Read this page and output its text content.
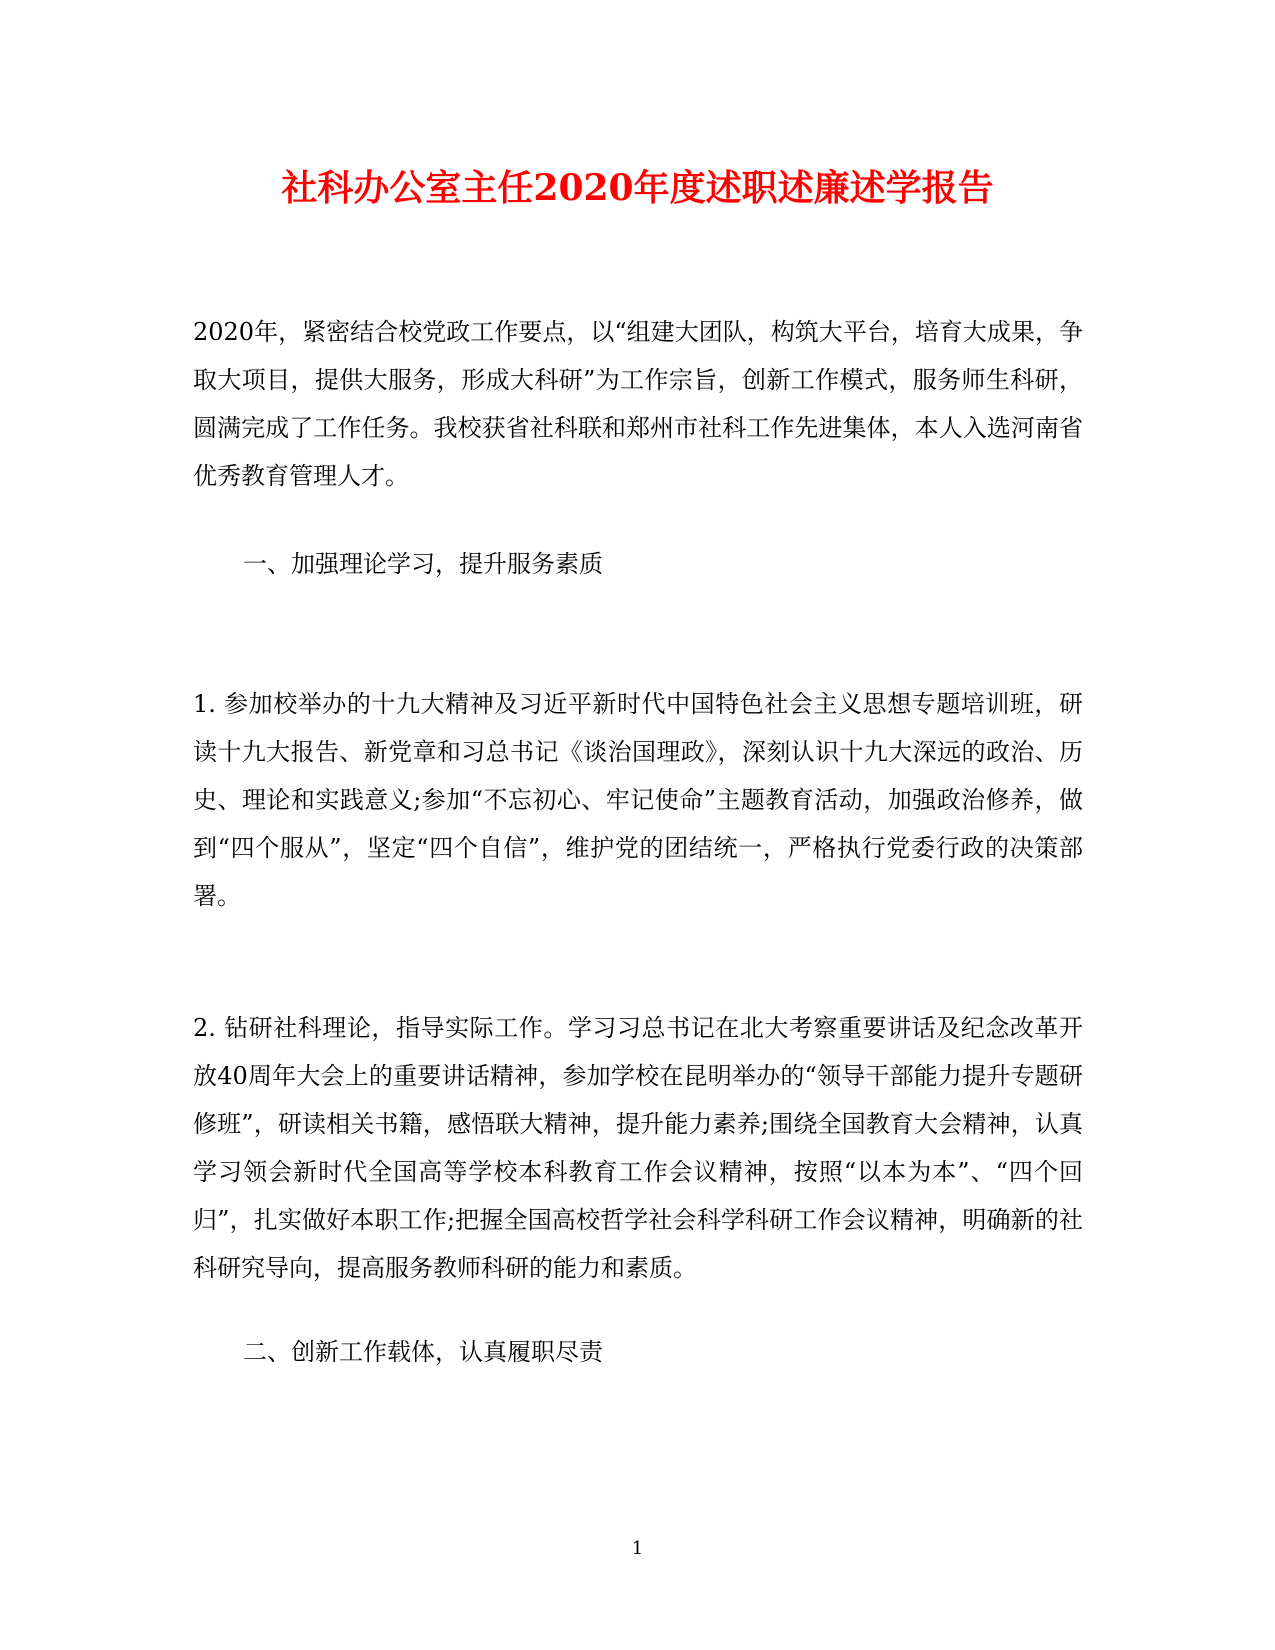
社科办公室主任2020年度述职述廉述学报告

2020年，紧密结合校党政工作要点，以“组建大团队，构筑大平台，培育大成果，争取大项目，提供大服务，形成大科研”为工作宗旨，创新工作模式，服务师生科研，圆满完成了工作任务。我校获省社科联和郑州市社科工作先进集体，本人入选河南省优秀教育管理人才。

一、加强理论学习，提升服务素质

1. 参加校举办的十九大精神及习近平新时代中国特色社会主义思想专题培训班，研读十九大报告、新党章和习总书记《谈治国理政》，深刻认识十九大深远的政治、历史、理论和实践意义;参加“不忘初心、牢记使命”主题教育活动，加强政治修养，做到“四个服从”，坚定“四个自信”，维护党的团结统一，严格执行党委行政的决策部署。

2. 钻研社科理论，指导实际工作。学习习总书记在北大考察重要讲话及纪念改革开放40周年大会上的重要讲话精神，参加学校在昆明举办的“领导干部能力提升专题研修班”，研读相关书籍，感悟联大精神，提升能力素养;围绕全国教育大会精神，认真学习领会新时代全国高等学校本科教育工作会议精神，按照“以本为本”、“四个回归”，扎实做好本职工作;把握全国高校哲学社会科学科研工作会议精神，明确新的社科研究导向，提高服务教师科研的能力和素质。

二、创新工作载体，认真履职尽责

1
